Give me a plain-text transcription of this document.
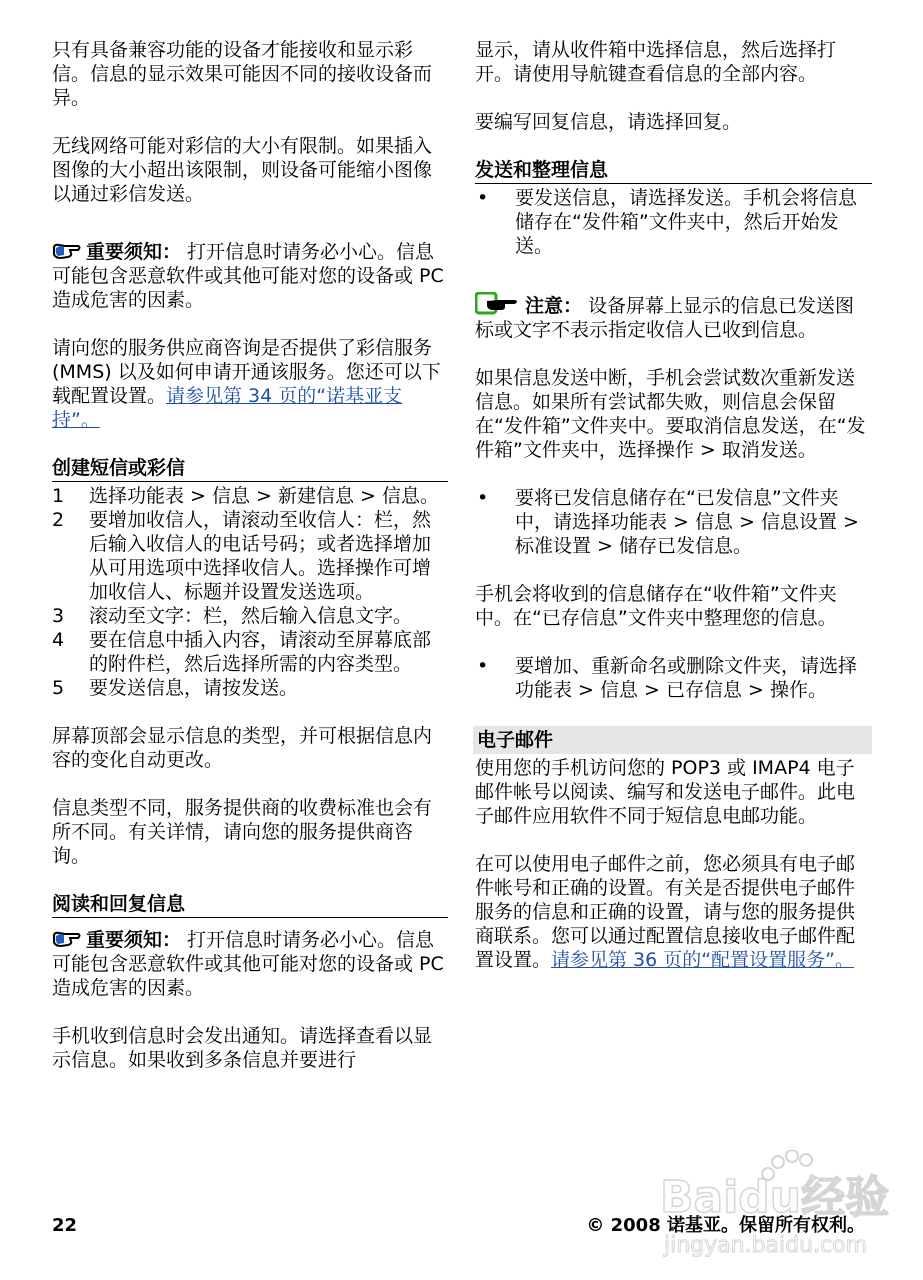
只有具备兼容功能的设备才能接收和显示彩信。信息的显示效果可能因不同的接收设备而异。

无线网络可能对彩信的大小有限制。如果插入图像的大小超出该限制，则设备可能缩小图像以通过彩信发送。

重要须知： 打开信息时请务必小心。信息可能包含恶意软件或其他可能对您的设备或 PC 造成危害的因素。

请向您的服务供应商咨询是否提供了彩信服务 (MMS) 以及如何申请开通该服务。您还可以下载配置设置。请参见第 34 页的“诺基亚支持”。

创建短信或彩信
1	选择功能表 > 信息 > 新建信息 > 信息。
2	要增加收信人，请滚动至收信人：栏，然后输入收信人的电话号码；或者选择增加从可用选项中选择收信人。选择操作可增加收信人、标题并设置发送选项。
3	滚动至文字：栏，然后输入信息文字。
4	要在信息中插入内容，请滚动至屏幕底部的附件栏，然后选择所需的内容类型。
5	要发送信息，请按发送。

屏幕顶部会显示信息的类型，并可根据信息内容的变化自动更改。

信息类型不同，服务提供商的收费标准也会有所不同。有关详情，请向您的服务提供商咨询。

阅读和回复信息

重要须知： 打开信息时请务必小心。信息可能包含恶意软件或其他可能对您的设备或 PC 造成危害的因素。

手机收到信息时会发出通知。请选择查看以显示信息。如果收到多条信息并要进行

显示，请从收件箱中选择信息，然后选择打开。请使用导航键查看信息的全部内容。

要编写回复信息，请选择回复。

发送和整理信息
•	要发送信息，请选择发送。手机会将信息储存在“发件箱”文件夹中，然后开始发送。

注意： 设备屏幕上显示的信息已发送图标或文字不表示指定收信人已收到信息。

如果信息发送中断，手机会尝试数次重新发送信息。如果所有尝试都失败，则信息会保留在“发件箱”文件夹中。要取消信息发送，在“发件箱”文件夹中，选择操作 > 取消发送。

•	要将已发信息储存在“已发信息”文件夹中，请选择功能表 > 信息 > 信息设置 > 标准设置 > 储存已发信息。

手机会将收到的信息储存在“收件箱”文件夹中。在“已存信息”文件夹中整理您的信息。

•	要增加、重新命名或删除文件夹，请选择功能表 > 信息 > 已存信息 > 操作。
电子邮件

使用您的手机访问您的 POP3 或 IMAP4 电子邮件帐号以阅读、编写和发送电子邮件。此电子邮件应用软件不同于短信息电邮功能。

在可以使用电子邮件之前，您必须具有电子邮件帐号和正确的设置。有关是否提供电子邮件服务的信息和正确的设置，请与您的服务提供商联系。您可以通过配置信息接收电子邮件配置设置。请参见第 36 页的“配置设置服务”。

Baidu经验
jingyan.baidu.com
22	© 2008 诺基亚。保留所有权利。
